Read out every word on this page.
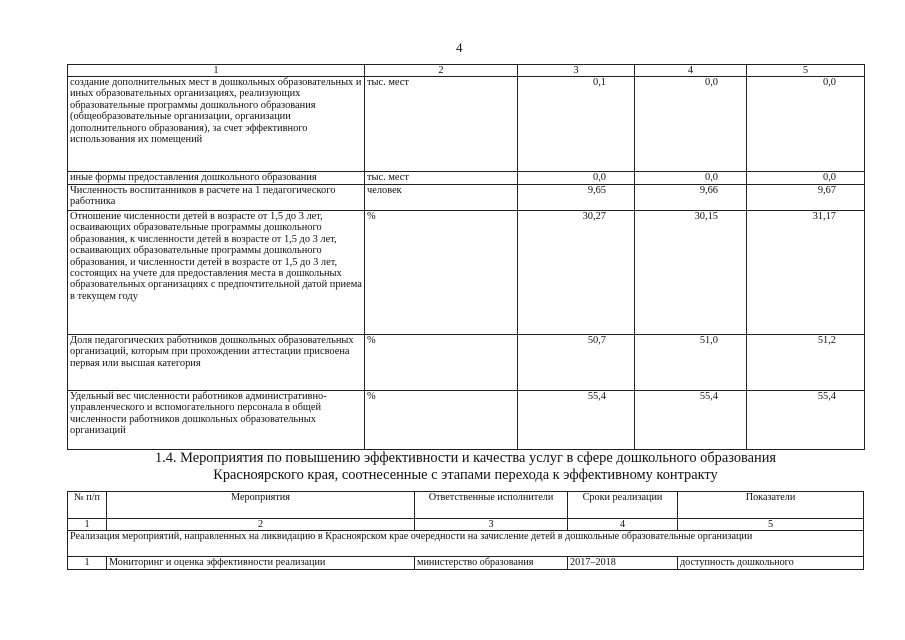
4
1	2	3	4	5
создание дополнительных мест в дошкольных образовательных и иных образовательных организациях, реализующих образовательные программы дошкольного образования (общеобразовательные организации, организации дополнительного образования), за счет эффективного использования их помещений	тыс. мест	0,1	0,0	0,0
иные формы предоставления дошкольного образования	тыс. мест	0,0	0,0	0,0
Численность воспитанников в расчете на 1 педагогического работника	человек	9,65	9,66	9,67
Отношение численности детей в возрасте от 1,5 до 3 лет, осваивающих образовательные программы дошкольного образования, к численности детей в возрасте от 1,5 до 3 лет, осваивающих образовательные программы дошкольного образования, и численности детей в возрасте от 1,5 до 3 лет, состоящих на учете для предоставления места в дошкольных образовательных организациях с предпочтительной датой приема в текущем году	%	30,27	30,15	31,17
Доля педагогических работников дошкольных образовательных организаций, которым при прохождении аттестации присвоена первая или высшая категория	%	50,7	51,0	51,2
Удельный вес численности работников административно-управленческого и вспомогательного персонала в общей численности работников дошкольных образовательных организаций	%	55,4	55,4	55,4
1.4. Мероприятия по повышению эффективности и качества услуг в сфере дошкольного образования
Красноярского края, соотнесенные с этапами перехода к эффективному контракту
№ п/п	Мероприятия	Ответственные исполнители	Сроки реализации	Показатели
1	2	3	4	5
Реализация мероприятий, направленных на ликвидацию в Красноярском крае очередности на зачисление детей в дошкольные образовательные организации				
1	Мониторинг и оценка эффективности реализации	министерство образования	2017–2018	доступность дошкольного
